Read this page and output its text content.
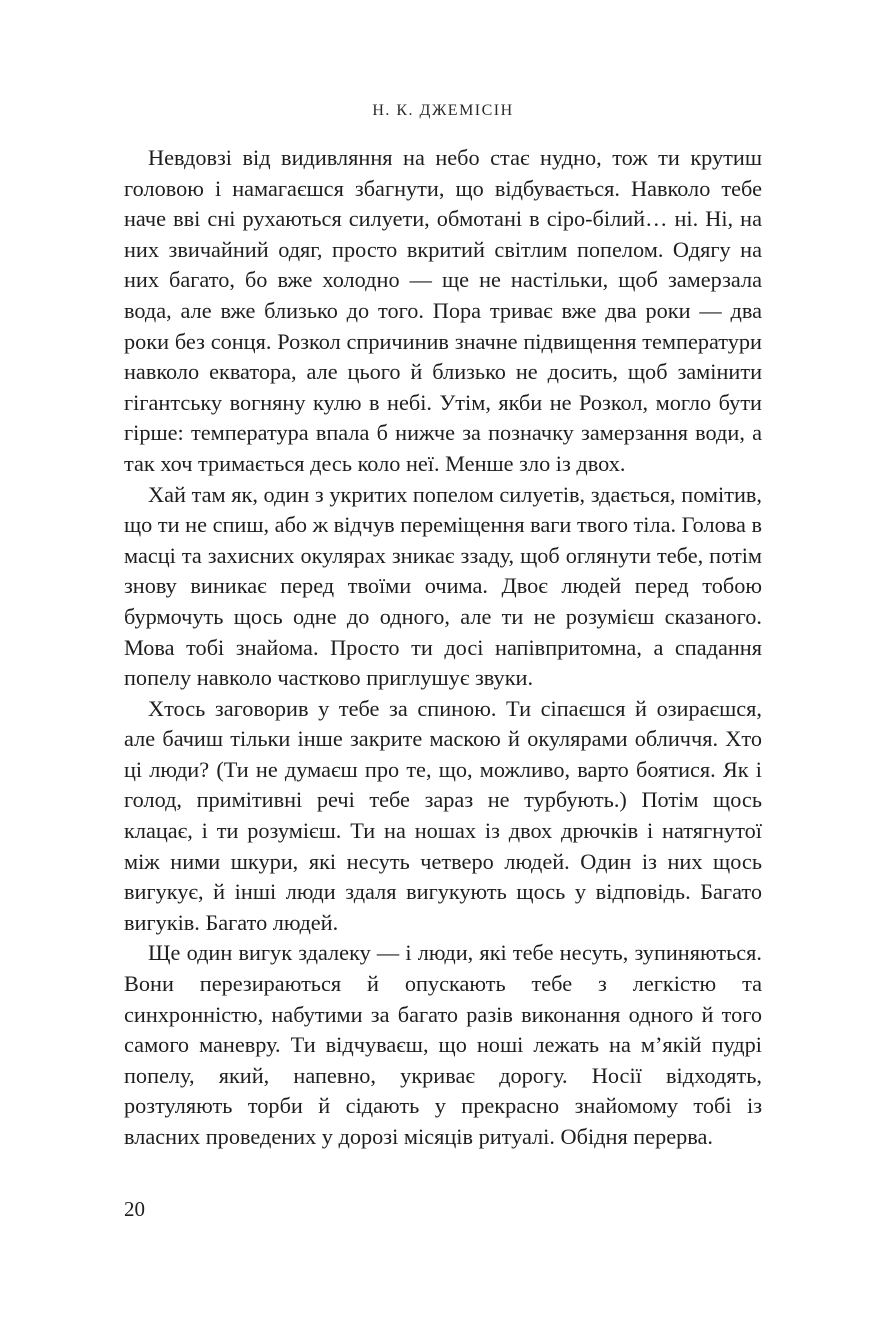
Н. К. ДЖЕМІСІН

Невдовзі від видивляння на небо стає нудно, тож ти крутиш головою і намагаєшся збагнути, що відбувається. Навколо тебе наче вві сні рухаються силуети, обмотані в сіро-білий… ні. Ні, на них звичайний одяг, просто вкритий світлим попелом. Одягу на них багато, бо вже холодно — ще не настільки, щоб замерзала вода, але вже близько до того. Пора триває вже два роки — два роки без сонця. Розкол спричинив значне підвищення температури навколо екватора, але цього й близько не досить, щоб замінити гігантську вогняну кулю в небі. Утім, якби не Розкол, могло бути гірше: температура впала б нижче за позначку замерзання води, а так хоч тримається десь коло неї. Менше зло із двох.

Хай там як, один з укритих попелом силуетів, здається, помітив, що ти не спиш, або ж відчув переміщення ваги твого тіла. Голова в масці та захисних окулярах зникає ззаду, щоб оглянути тебе, потім знову виникає перед твоїми очима. Двоє людей перед тобою бурмочуть щось одне до одного, але ти не розумієш сказаного. Мова тобі знайома. Просто ти досі напівпритомна, а спадання попелу навколо частково приглушує звуки.

Хтось заговорив у тебе за спиною. Ти сіпаєшся й озираєшся, але бачиш тільки інше закрите маскою й окулярами обличчя. Хто ці люди? (Ти не думаєш про те, що, можливо, варто боятися. Як і голод, примітивні речі тебе зараз не турбують.) Потім щось клацає, і ти розумієш. Ти на ношах із двох дрючків і натягнутої між ними шкури, які несуть четверо людей. Один із них щось вигукує, й інші люди здаля вигукують щось у відповідь. Багато вигуків. Багато людей.

Ще один вигук здалеку — і люди, які тебе несуть, зупиняються. Вони перезираються й опускають тебе з легкістю та синхронністю, набутими за багато разів виконання одного й того самого маневру. Ти відчуваєш, що ноші лежать на м’якій пудрі попелу, який, напевно, укриває дорогу. Носії відходять, розтуляють торби й сідають у прекрасно знайомому тобі із власних проведених у дорозі місяців ритуалі. Обідня перерва.

20
